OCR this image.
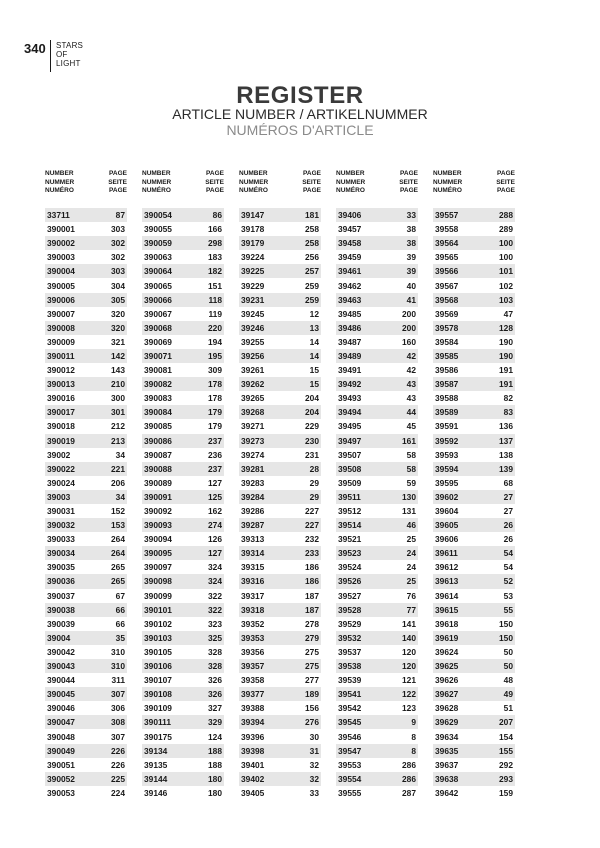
340 STARS
OF
LIGHT
REGISTER
ARTICLE NUMBER / ARTIKELNUMMER
NUMÉROS D'ARTICLE
NUMBER
NUMMER
NUMÉRO
PAGE
SEITE
PAGE
33711	87
390001	303
390002	302
390003	302
390004	303
390005	304
390006	305
390007	320
390008	320
390009	321
390011	142
390012	143
390013	210
390016	300
390017	301
390018	212
390019	213
39002	34
390022	221
390024	206
39003	34
390031	152
390032	153
390033	264
390034	264
390035	265
390036	265
390037	67
390038	66
390039	66
39004	35
390042	310
390043	310
390044	311
390045	307
390046	306
390047	308
390048	307
390049	226
390051	226
390052	225
390053	224
NUMBER
NUMMER
NUMÉRO
PAGE
SEITE
PAGE
390054	86
390055	166
390059	298
390063	183
390064	182
390065	151
390066	118
390067	119
390068	220
390069	194
390071	195
390081	309
390082	178
390083	178
390084	179
390085	179
390086	237
390087	236
390088	237
390089	127
390091	125
390092	162
390093	274
390094	126
390095	127
390097	324
390098	324
390099	322
390101	322
390102	323
390103	325
390105	328
390106	328
390107	326
390108	326
390109	327
390111	329
390175	124
39134	188
39135	188
39144	180
39146	180
NUMBER
NUMMER
NUMÉRO
PAGE
SEITE
PAGE
39147	181
39178	258
39179	258
39224	256
39225	257
39229	259
39231	259
39245	12
39246	13
39255	14
39256	14
39261	15
39262	15
39265	204
39268	204
39271	229
39273	230
39274	231
39281	28
39283	29
39284	29
39286	227
39287	227
39313	232
39314	233
39315	186
39316	186
39317	187
39318	187
39352	278
39353	279
39356	275
39357	275
39358	277
39377	189
39388	156
39394	276
39396	30
39398	31
39401	32
39402	32
39405	33
NUMBER
NUMMER
NUMÉRO
PAGE
SEITE
PAGE
39406	33
39457	38
39458	38
39459	39
39461	39
39462	40
39463	41
39485	200
39486	200
39487	160
39489	42
39491	42
39492	43
39493	43
39494	44
39495	45
39497	161
39507	58
39508	58
39509	59
39511	130
39512	131
39514	46
39521	25
39523	24
39524	24
39526	25
39527	76
39528	77
39529	141
39532	140
39537	120
39538	120
39539	121
39541	122
39542	123
39545	9
39546	8
39547	8
39553	286
39554	286
39555	287
NUMBER
NUMMER
NUMÉRO
PAGE
SEITE
PAGE
39557	288
39558	289
39564	100
39565	100
39566	101
39567	102
39568	103
39569	47
39578	128
39584	190
39585	190
39586	191
39587	191
39588	82
39589	83
39591	136
39592	137
39593	138
39594	139
39595	68
39602	27
39604	27
39605	26
39606	26
39611	54
39612	54
39613	52
39614	53
39615	55
39618	150
39619	150
39624	50
39625	50
39626	48
39627	49
39628	51
39629	207
39634	154
39635	155
39637	292
39638	293
39642	159
